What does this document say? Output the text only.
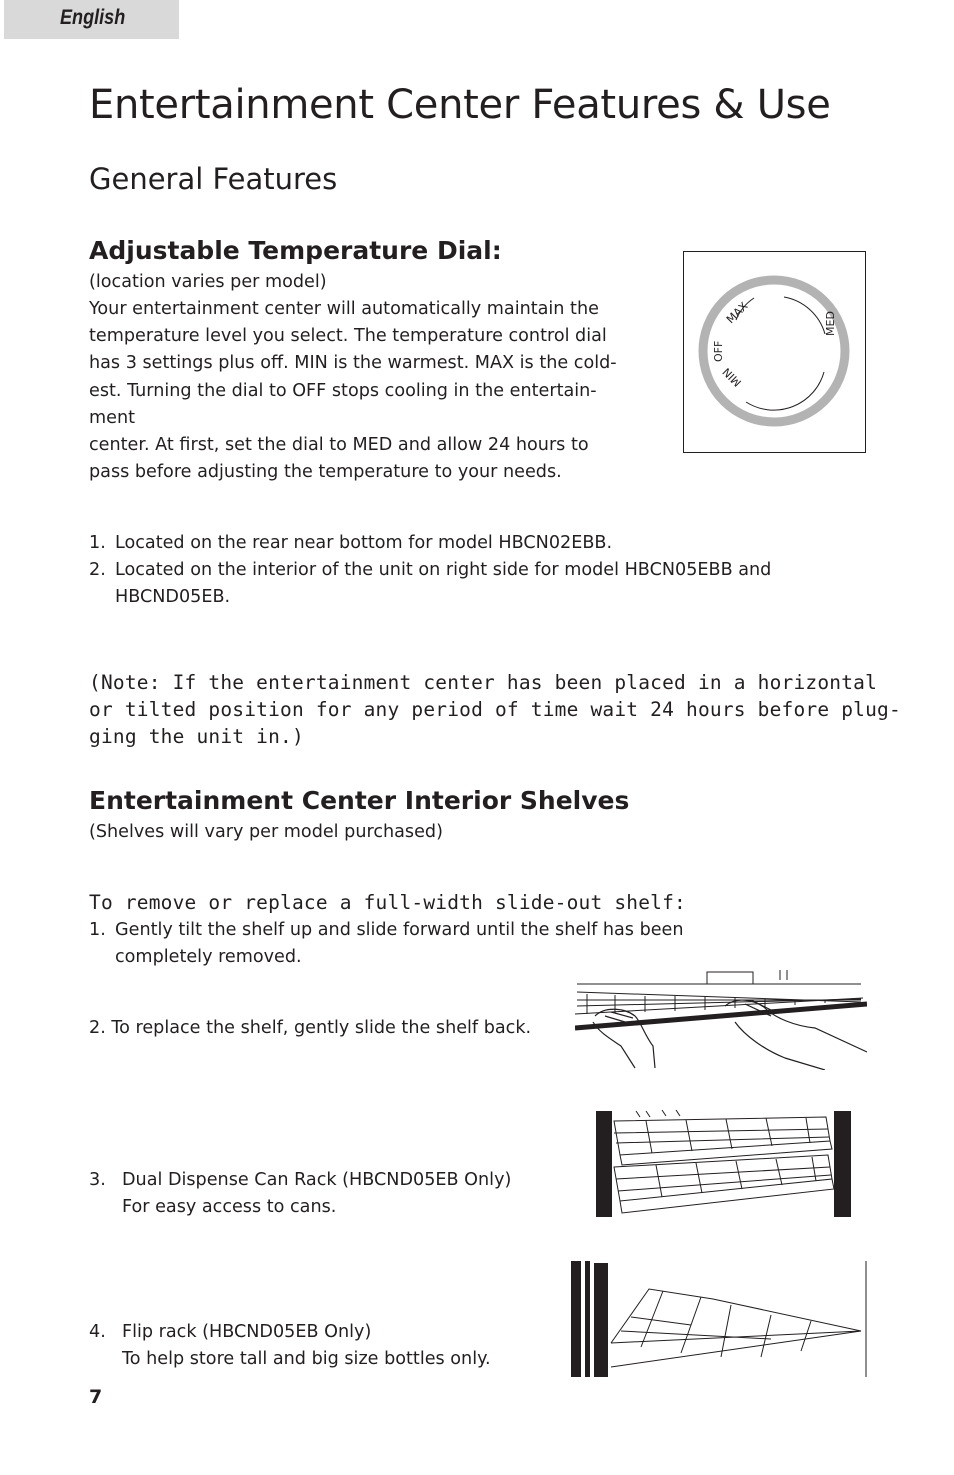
English
Entertainment Center Features & Use
General Features
Adjustable Temperature Dial:
(location varies per model)

Your entertainment center will automatically maintain the

temperature level you select. The temperature control dial

has 3 settings plus off. MIN is the warmest. MAX is the cold-

est. Turning the dial to OFF stops cooling in the entertain-

ment

center. At first, set the dial to MED and allow 24 hours to

pass before adjusting the temperature to your needs.

OFF
MAX	MED
MIN
1. Located on the rear near bottom for model HBCN02EBB.
2. Located on the interior of the unit on right side for model HBCN05EBB and
HBCND05EB.

(Note: If the entertainment center has been placed in a horizontal

or tilted position for any period of time wait 24 hours before plug-

ging the unit in.)

Entertainment Center Interior Shelves
(Shelves will vary per model purchased)
To remove or replace a full-width slide-out shelf:
1. Gently tilt the shelf up and slide forward until the shelf has been
completely removed.
2. To replace the shelf, gently slide the shelf back.
3. Dual Dispense Can Rack (HBCND05EB Only)
For easy access to cans.
4. Flip rack (HBCND05EB Only)
To help store tall and big size bottles only.
7
